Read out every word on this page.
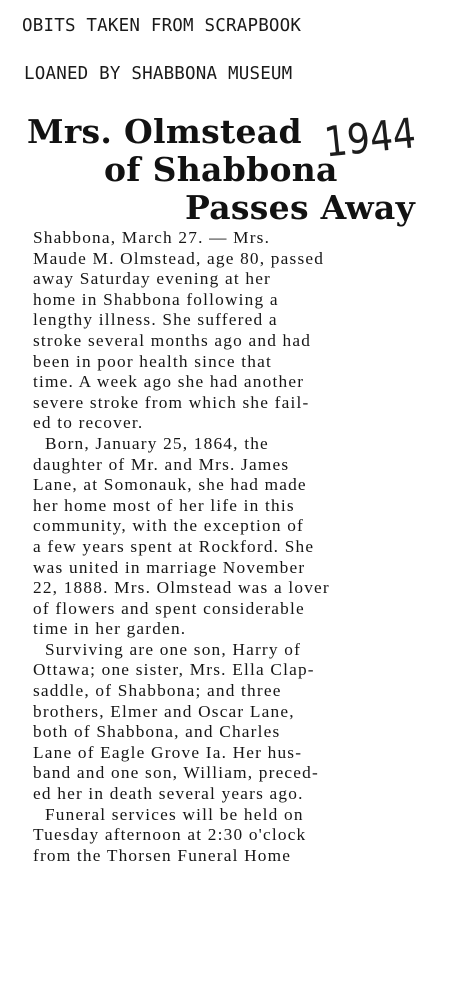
OBITS TAKEN FROM SCRAPBOOK
LOANED BY SHABBONA MUSEUM
Mrs. Olmstead
of Shabbona
Passes Away
1944
Shabbona, March 27. — Mrs.
Maude M. Olmstead, age 80, passed
away Saturday evening at her
home in Shabbona following a
lengthy illness. She suffered a
stroke several months ago and had
been in poor health since that
time. A week ago she had another
severe stroke from which she fail-
ed to recover.
Born, January 25, 1864, the
daughter of Mr. and Mrs. James
Lane, at Somonauk, she had made
her home most of her life in this
community, with the exception of
a few years spent at Rockford. She
was united in marriage November
22, 1888. Mrs. Olmstead was a lover
of flowers and spent considerable
time in her garden.
Surviving are one son, Harry of
Ottawa; one sister, Mrs. Ella Clap-
saddle, of Shabbona; and three
brothers, Elmer and Oscar Lane,
both of Shabbona, and Charles
Lane of Eagle Grove Ia. Her hus-
band and one son, William, preced-
ed her in death several years ago.
Funeral services will be held on
Tuesday afternoon at 2:30 o'clock
from the Thorsen Funeral Home
